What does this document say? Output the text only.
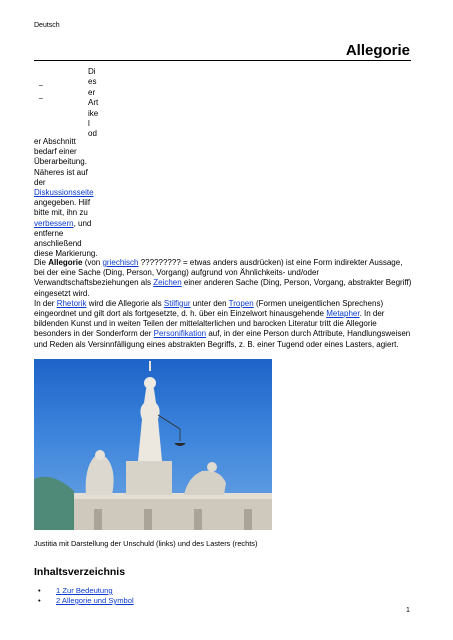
Deutsch
Allegorie
–
–
Di
es
er
Art
ike
l
od
er Abschnitt
bedarf einer
Überarbeitung.
Näheres ist auf
der
Diskussionsseite
angegeben. Hilf
bitte mit, ihn zu
verbessern, und
entferne
anschließend
diese Markierung.

Die Allegorie (von griechisch ????????? = etwas anders ausdrücken) ist eine Form indirekter Aussage, bei der eine Sache (Ding, Person, Vorgang) aufgrund von Ähnlichkeits- und/oder Verwandtschaftsbeziehungen als Zeichen einer anderen Sache (Ding, Person, Vorgang, abstrakter Begriff) eingesetzt wird.

In der Rhetorik wird die Allegorie als Stilfigur unter den Tropen (Formen uneigentlichen Sprechens) eingeordnet und gilt dort als fortgesetzte, d. h. über ein Einzelwort hinausgehende Metapher. In der bildenden Kunst und in weiten Teilen der mittelalterlichen und barocken Literatur tritt die Allegorie besonders in der Sonderform der Personifikation auf, in der eine Person durch Attribute, Handlungsweisen und Reden als Versinnfälligung eines abstrakten Begriffs, z. B. einer Tugend oder eines Lasters, agiert.

Justitia mit Darstellung der Unschuld (links) und des Lasters (rechts)
Inhaltsverzeichnis
• 1 Zur Bedeutung
• 2 Allegorie und Symbol
1
